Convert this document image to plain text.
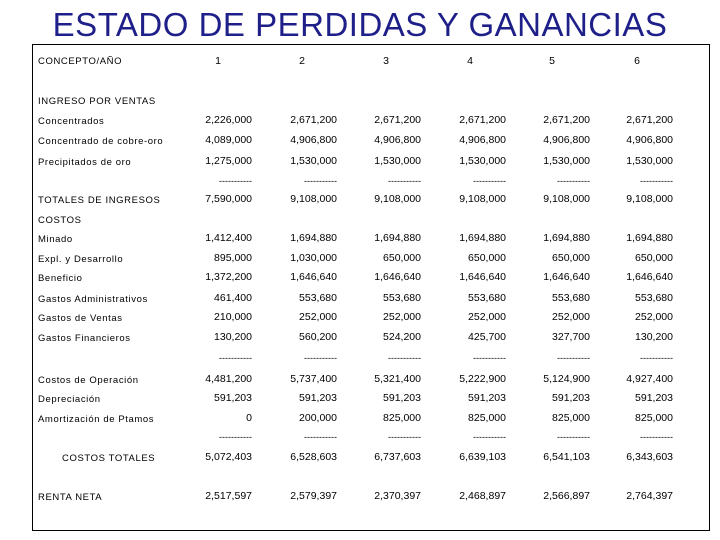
ESTADO DE PERDIDAS Y GANANCIAS
CONCEPTO/AÑO	1	2	3	4	5	6
INGRESO POR VENTAS
COSTOS
Concentrados	2,226,000	2,671,200	2,671,200	2,671,200	2,671,200	2,671,200
Concentrado de cobre-oro	4,089,000	4,906,800	4,906,800	4,906,800	4,906,800	4,906,800
Precipitados de oro	1,275,000	1,530,000	1,530,000	1,530,000	1,530,000	1,530,000
TOTALES DE INGRESOS	7,590,000	9,108,000	9,108,000	9,108,000	9,108,000	9,108,000
Minado	1,412,400	1,694,880	1,694,880	1,694,880	1,694,880	1,694,880
Expl. y Desarrollo	895,000	1,030,000	650,000	650,000	650,000	650,000
Beneficio	1,372,200	1,646,640	1,646,640	1,646,640	1,646,640	1,646,640
Gastos Administrativos	461,400	553,680	553,680	553,680	553,680	553,680
Gastos de Ventas	210,000	252,000	252,000	252,000	252,000	252,000
Gastos Financieros	130,200	560,200	524,200	425,700	327,700	130,200
Costos de Operación	4,481,200	5,737,400	5,321,400	5,222,900	5,124,900	4,927,400
Depreciación	591,203	591,203	591,203	591,203	591,203	591,203
Amortización de Ptamos	0	200,000	825,000	825,000	825,000	825,000
COSTOS TOTALES	5,072,403	6,528,603	6,737,603	6,639,103	6,541,103	6,343,603
RENTA NETA	2,517,597	2,579,397	2,370,397	2,468,897	2,566,897	2,764,397
-----------	-----------	-----------	-----------	-----------	-----------
-----------	-----------	-----------	-----------	-----------	-----------
-----------	-----------	-----------	-----------	-----------	-----------
